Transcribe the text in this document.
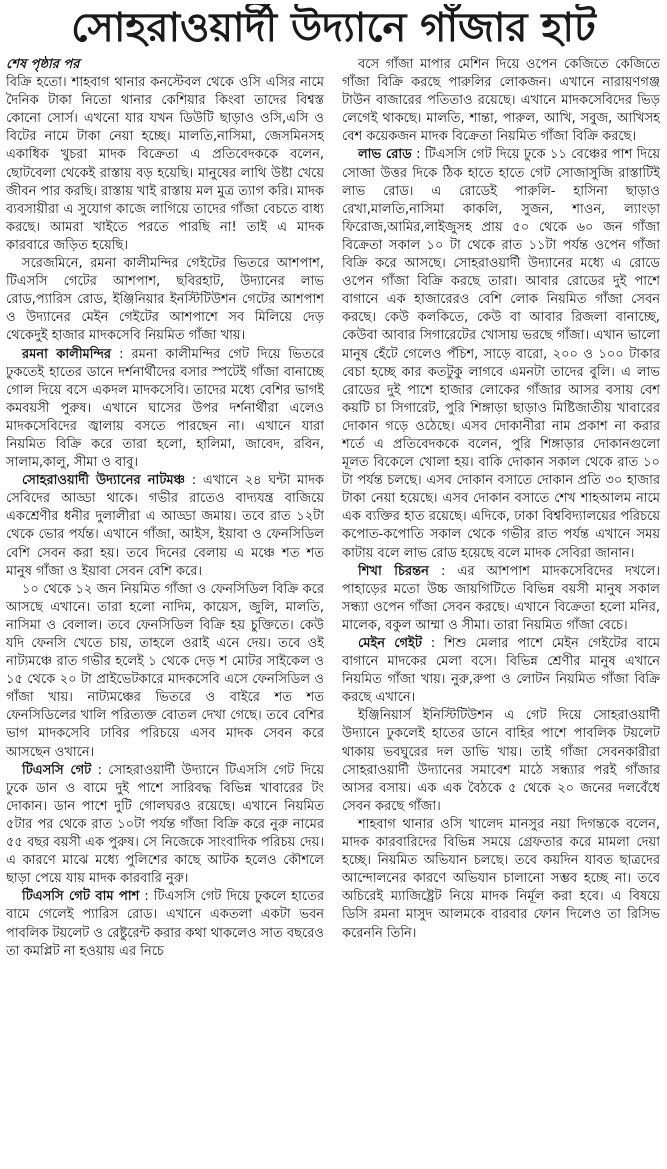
সোহরাওয়ার্দী উদ্যানে গাঁজার হাট

শেষ পৃষ্ঠার পর

বিক্রি হতো। শাহবাগ থানার কনস্টেবল থেকে ওসি এসির নামে দৈনিক টাকা নিতো থানার কেশিয়ার কিংবা তাদের বিশ্বস্ত কোনো সোর্স। এখনো যার যখন ডিউটি ছাড়াও ওসি,এসি ও বিটের নামে টাকা নেয়া হচ্ছে। মালতি,নাসিমা, জেসমিনসহ একাধিক খুচরা মাদক বিক্রেতা এ প্রতিবেদককে বলেন, ছোটবেলা থেকেই রাস্তায় বড় হয়েছি। মানুষের লাথি উষ্টা খেয়ে জীবন পার করছি। রাস্তায় খাই রাস্তায় মল মুত্র ত্যাগ করি। মাদক ব্যবসায়ীরা এ সুযোগ কাজে লাগিয়ে তাদের গাঁজা বেচতে বাধ্য করছে। আমরা খাইতে পরতে পারছি না! তাই এ মাদক কারবারে জড়িত হয়েছি।

সরেজমিনে, রমনা কালীমন্দির গেইটের ভিতরে আশপাশ, টিএসসি গেটের আশপাশ, ছবিরহাট, উদ্যানের লাভ রোড,প্যারিস রোড, ইঞ্জিনিয়ার ইনস্টিটিউশন গেটের আশপাশ ও উদ্যানের মেইন গেইটের আশপাশে সব মিলিয়ে দেড় থেকেদুই হাজার মাদকসেবি নিয়মিত গাঁজা খায়।

রমনা কালীমন্দির : রমনা কালীমন্দির গেট দিয়ে ভিতরে ঢুকতেই হাতের ডানে দর্শনার্থীদের বসার স্পটেই গাঁজা বানাচ্ছে গোল দিয়ে বসে একদল মাদকসেবি। তাদের মধ্যে বেশির ভাগই কমবয়সী পুরুষ। এখানে ঘাসের উপর দর্শনার্থীরা এলেও মাদকসেবিদের জ্বালায় বসতে পারছেন না। এখানে যারা নিয়মিত বিক্রি করে তারা হলো, হালিমা, জাবেদ, রবিন, সালাম,কালু, সীমা ও বাবু।

সোহরাওয়ার্দী উদ্যানের নাটমঞ্চ : এখানে ২৪ ঘন্টা মাদক সেবিদের আড্ডা থাকে। গভীর রাতেও বাদ্যযন্ত্র বাজিয়ে একশ্রেণীর ধনীর দুলালীরা এ আড্ডা জমায়। তবে রাত ১২টা থেকে ভোর পর্যন্ত। এখানে গাঁজা, আইস, ইয়াবা ও ফেনসিডিল বেশি সেবন করা হয়। তবে দিনের বেলায় এ মঞ্চে শত শত মানুষ গাঁজা ও ইয়াবা সেবন বেশি করে।

১০ থেকে ১২ জন নিয়মিত গাঁজা ও ফেনসিডিল বিক্রি করে আসছে এখানে। তারা হলো নাদিম, কায়েস, জুলি, মালতি, নাসিমা ও বেলাল। তবে ফেনসিডিল বিক্রি হয় চুক্তিতে। কেউ যদি ফেনসি খেতে চায়, তাহলে ওরাই এনে দেয়। তবে ওই নাট্যমঞ্চে রাত গভীর হলেই ১ থেকে দেড় শ মোটর সাইকেল ও ১৫ থেকে ২০ টা প্রাইভেটকারে মাদকসেবি এসে ফেনসিডিল ও গাঁজা খায়। নাট্যমঞ্চের ভিতরে ও বাইরে শত শত ফেনসিডিলের খালি পরিত্যক্ত বোতল দেখা গেছে। তবে বেশির ভাগ মাদকসেবি ঢাবির পরিচয়ে এসব মাদক সেবন করে আসছেন ওখানে।

টিএসসি গেট : সোহরাওয়ার্দী উদ্যানে টিএসসি গেট দিয়ে ঢুকে ডান ও বামে দুই পাশে সারিবদ্ধ বিভিন্ন খাবারের টং দোকান। ডান পাশে দুটি গোলঘরও রয়েছে। এখানে নিয়মিত ৫টার পর থেকে রাত ১০টা পর্যন্ত গাঁজা বিক্রি করে নুরু নামের ৫৫ বছর বয়সী এক পুরুষ। সে নিজেকে সাংবাদিক পরিচয় দেয়। এ কারণে মাঝে মধ্যে পুলিশের কাছে আটক হলেও কৌশলে ছাড়া পেয়ে যায় মাদক কারবারি নুরু।

টিএসসি গেট বাম পাশ : টিএসসি গেট দিয়ে ঢুকলে হাতের বামে গেলেই প্যারিস রোড। এখানে একতলা একটা ভবন পাবলিক টয়লেট ও রেষ্টুরেন্ট করার কথা থাকলেও সাত বছরেও তা কমপ্লিট না হওয়ায় এর নিচে

বসে গাঁজা মাপার মেশিন দিয়ে ওপেন কেজিতে কেজিতে গাঁজা বিক্রি করছে পারুলির লোকজন। এখানে নারায়ণগঞ্জ টাউন বাজারের পতিতাও রয়েছে। এখানে মাদকসেবিদের ভিড় লেগেই থাকছে। মালতি, শান্তা, পারুল, আখি, সবুজ, আখিসহ বেশ কয়েকজন মাদক বিক্রেতা নিয়মিত গাঁজা বিক্রি করছে।

লাভ রোড : টিএসসি গেট দিয়ে ঢুকে ১১ বেঞ্চের পাশ দিয়ে সোজা উত্তর দিকে ঠিক হাতে হাতে গেট সোজাসুজি রাস্তাটিই লাভ রোড। এ রোডেই পারুলি- হাসিনা ছাড়াও রেখা,মালতি,নাসিমা কাকলি, সুজন, শাওন, ল্যাংড়া ফিরোজ,আমির,লাইজুসহ প্রায় ৫০ থেকে ৬০ জন গাঁজা বিক্রেতা সকাল ১০ টা থেকে রাত ১১টা পর্যন্ত ওপেন গাঁজা বিক্রি করে আসছে। সোহরাওয়ার্দী উদ্যানের মধ্যে এ রোডে ওপেন গাঁজা বিক্রি করছে তারা। আবার রোডের দুই পাশে বাগানে এক হাজারেরও বেশি লোক নিয়মিত গাঁজা সেবন করছে। কেউ কলকিতে, কেউ বা আবার রিজলা বানাচ্ছে, কেউবা আবার সিগারেটের খোসায় ভরছে গাঁজা। এখান ভালো মানুষ হেঁটে গেলেও পঁচিশ, সাড়ে বারো, ২০০ ও ১০০ টাকার বেচা হচ্ছে কার কতটুকু লাগবে এমনটা তাদের বুলি। এ লাভ রোডের দুই পাশে হাজার লোকের গাঁজার আসর বসায় বেশ কয়টি চা সিগারেট, পুরি শিঙ্গাড়া ছাড়াও মিষ্টিজাতীয় খাবারের দোকান গড়ে ওঠেছে। এসব দোকানীরা নাম প্রকাশ না করার শর্তে এ প্রতিবেদককে বলেন, পুরি শিঙ্গাড়ার দোকানগুলো মূলত বিকেলে খোলা হয়। বাকি দোকান সকাল থেকে রাত ১০ টা পর্যন্ত চলছে। এসব দোকান বসাতে দোকান প্রতি ৩০ হাজার টাকা নেয়া হয়েছে। এসব দোকান বসাতে শেখ শাহআলম নামে এক ব্যক্তির হাত রয়েছে। এদিকে, ঢাকা বিশ্ববিদ্যালয়ের পরিচয়ে কপোত-কপোতি সকাল থেকে গভীর রাত পর্যন্ত এখানে সময় কাটায় বলে লাভ রোড হয়েছে বলে মাদক সেবিরা জানান।

শিখা চিরন্তন : এর আশপাশ মাদকসেবিদের দখলে। পাহাড়ের মতো উচ্চ জায়গিটিতে বিভিন্ন বয়সী মানুষ সকাল সন্ধ্যা ওপেন গাঁজা সেবন করছে। এখানে বিক্রেতা হলো মনির, মালেক, বকুল আম্মা ও সীমা। তারা নিয়মিত গাঁজা বেচে।

মেইন গেইট : শিশু মেলার পাশে মেইন গেইটের বামে বাগানে মাদকের মেলা বসে। বিভিন্ন শ্রেণীর মানুষ এখানে নিয়মিত গাঁজা খায়। নুরু,রুপা ও লোটন নিয়মিত গাঁজা বিক্রি করছে এখানে।

ইঞ্জিনিয়ার্স ইনিস্টিটিউশন এ গেট দিয়ে সোহরাওয়ার্দী উদ্যানে ঢুকলেই হাতের ডানে বাহির পাশে পাবলিক টয়লেট থাকায় ভবঘুরের দল ডাভি খায়। তাই গাঁজা সেবনকারীরা সোহরাওয়ার্দী উদ্যানের সমাবেশ মাঠে সন্ধ্যার পরই গাঁজার আসর বসায়। এক এক বৈঠকে ৫ থেকে ২০ জনের দলবেঁধে সেবন করছে গাঁজা।

শাহবাগ থানার ওসি খালেদ মানসুর নয়া দিগন্তকে বলেন, মাদক কারবারিদের বিভিন্ন সময়ে গ্রেফতার করে মামলা দেয়া হচ্ছে। নিয়মিত অভিযান চলছে। তবে কয়দিন যাবত ছাত্রদের আন্দোলনের কারণে অভিযান চালানো সম্ভব হচ্ছে না। তবে অচিরেই ম্যাজিষ্ট্রেট নিয়ে মাদক নির্মূল করা হবে। এ বিষয়ে ডিসি রমনা মাসুদ আলমকে বারবার ফোন দিলেও তা রিসিভ করেননি তিনি।
